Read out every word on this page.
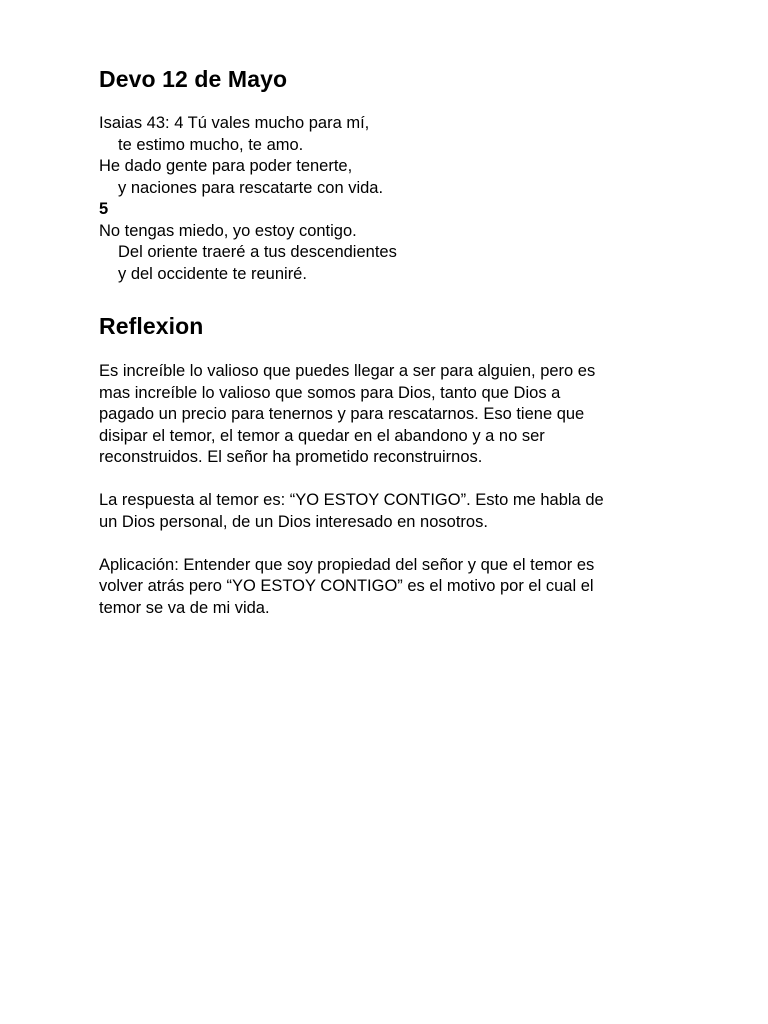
Devo 12 de Mayo
Isaias 43: 4 Tú vales mucho para mí,
te estimo mucho, te amo.
He dado gente para poder tenerte,
y naciones para rescatarte con vida.
5
No tengas miedo, yo estoy contigo.
Del oriente traeré a tus descendientes
y del occidente te reuniré.
Reflexion
Es increíble lo valioso que puedes llegar a ser para alguien, pero es
mas increíble lo valioso que somos para Dios, tanto que Dios a
pagado un precio para tenernos y para rescatarnos. Eso tiene que
disipar el temor, el temor a quedar en el abandono y a no ser
reconstruidos. El señor ha prometido reconstruirnos.
La respuesta al temor es: “YO ESTOY CONTIGO”. Esto me habla de
un Dios personal, de un Dios interesado en nosotros.
Aplicación: Entender que soy propiedad del señor y que el temor es
volver atrás pero “YO ESTOY CONTIGO” es el motivo por el cual el
temor se va de mi vida.
